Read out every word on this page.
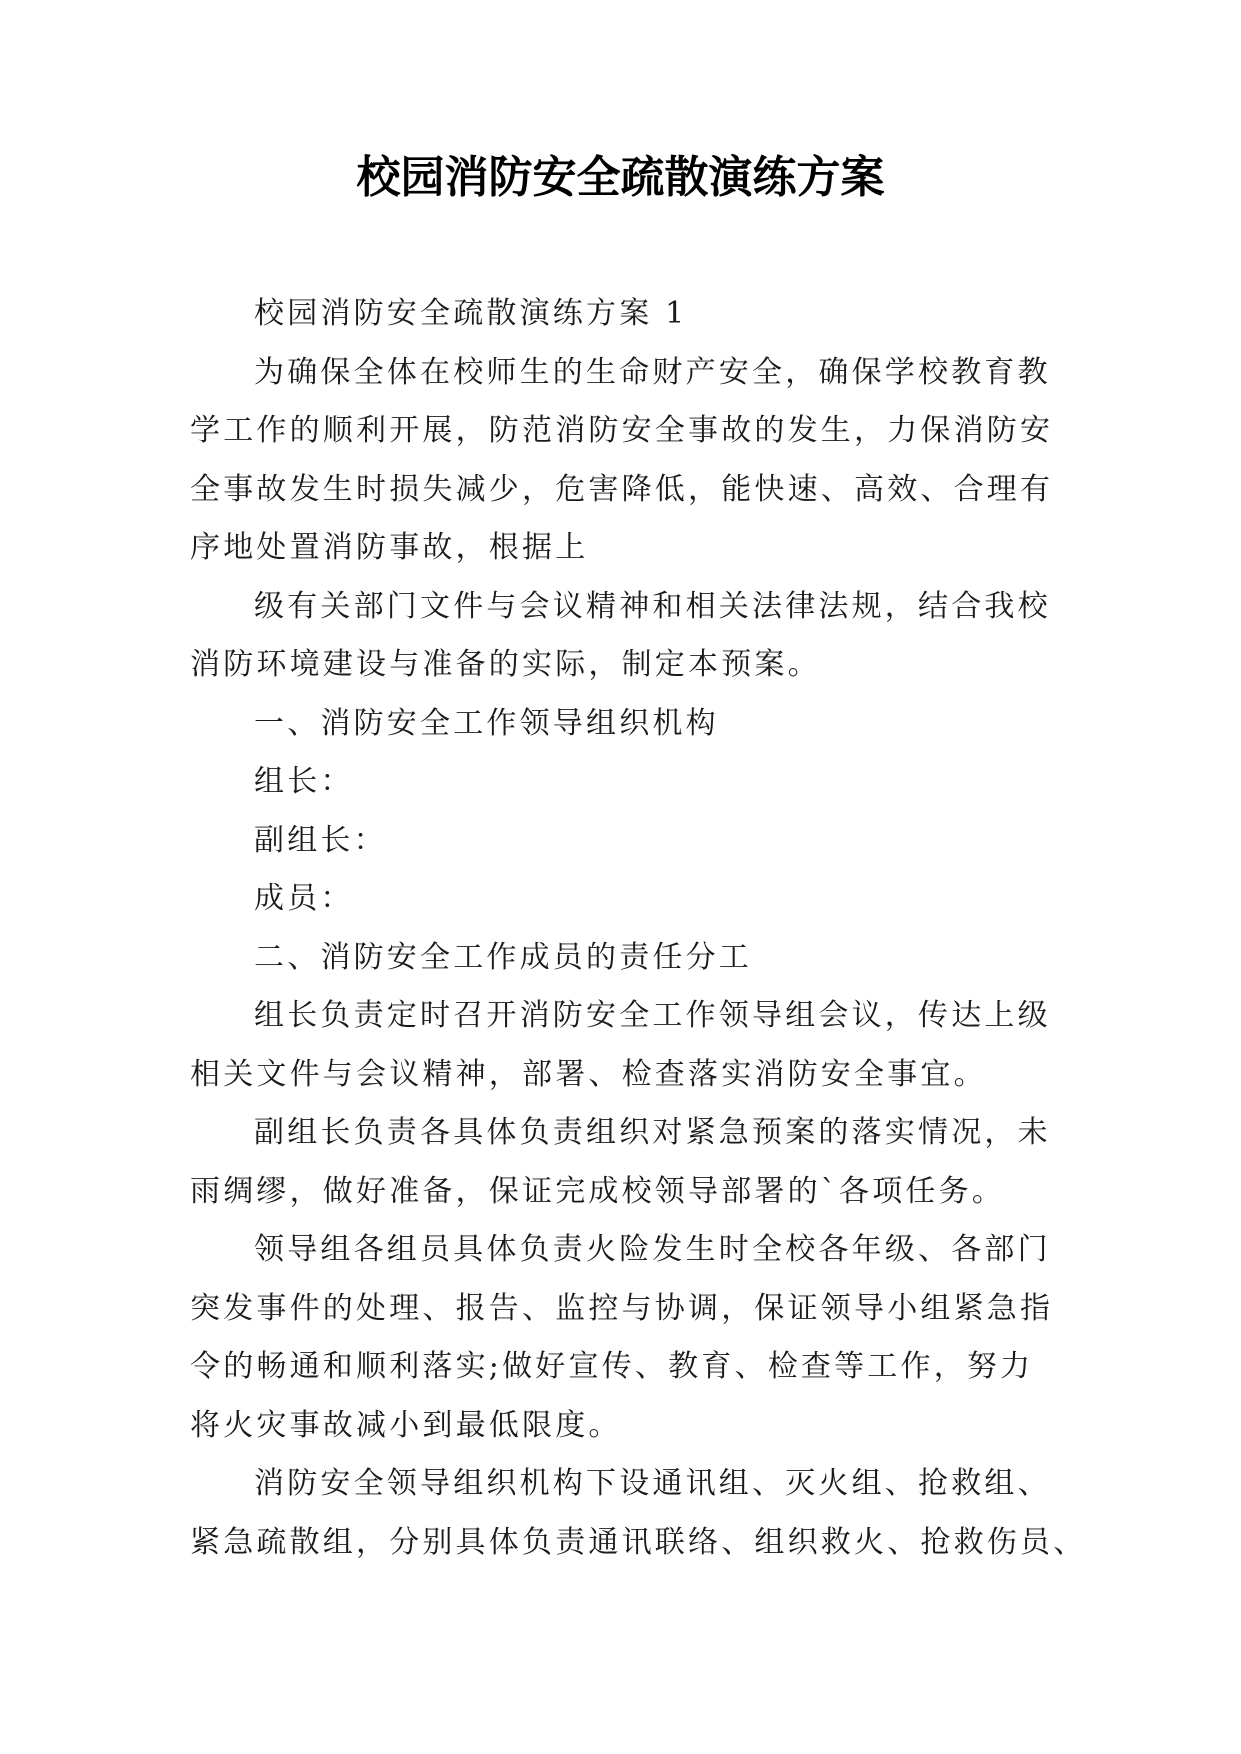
校园消防安全疏散演练方案
校园消防安全疏散演练方案 1
为确保全体在校师生的生命财产安全，确保学校教育教
学工作的顺利开展，防范消防安全事故的发生，力保消防安
全事故发生时损失减少，危害降低，能快速、高效、合理有
序地处置消防事故，根据上
级有关部门文件与会议精神和相关法律法规，结合我校
消防环境建设与准备的实际，制定本预案。
一、消防安全工作领导组织机构
组长：
副组长：
成员：
二、消防安全工作成员的责任分工
组长负责定时召开消防安全工作领导组会议，传达上级
相关文件与会议精神，部署、检查落实消防安全事宜。
副组长负责各具体负责组织对紧急预案的落实情况，未
雨绸缪，做好准备，保证完成校领导部署的`各项任务。
领导组各组员具体负责火险发生时全校各年级、各部门
突发事件的处理、报告、监控与协调，保证领导小组紧急指
令的畅通和顺利落实;做好宣传、教育、检查等工作，努力
将火灾事故减小到最低限度。
消防安全领导组织机构下设通讯组、灭火组、抢救组、
紧急疏散组，分别具体负责通讯联络、组织救火、抢救伤员、
